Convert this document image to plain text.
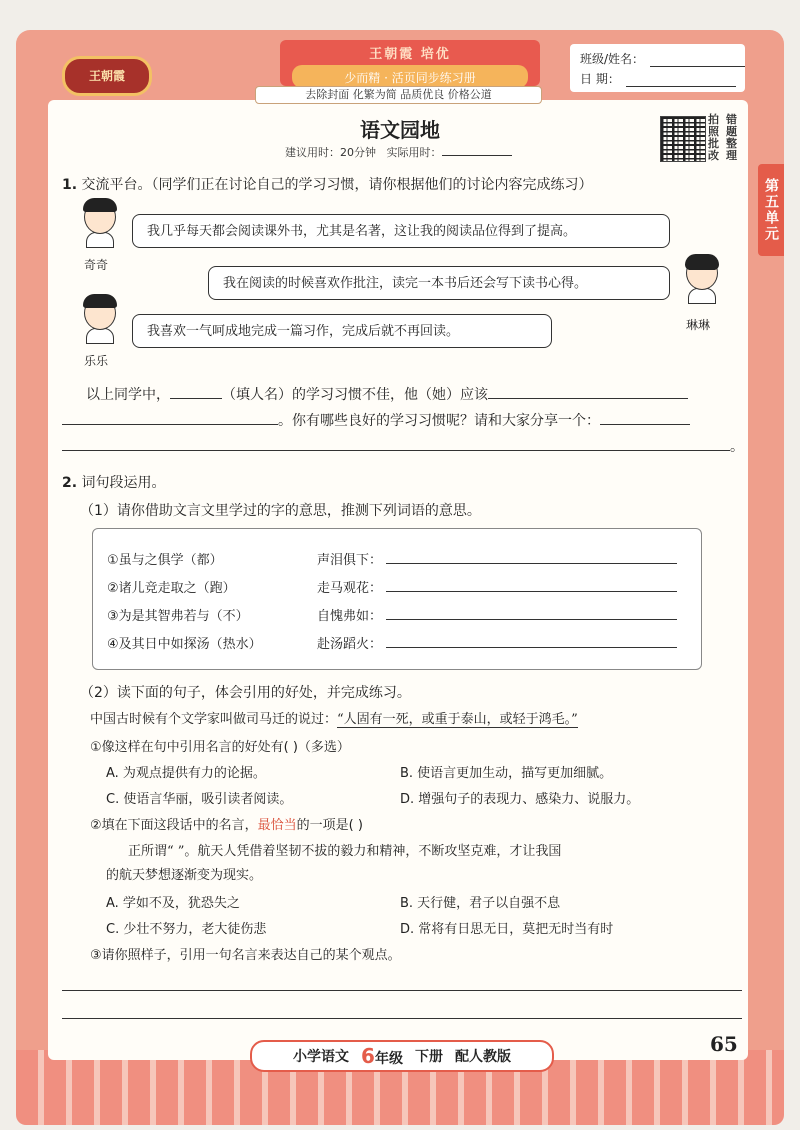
王朝霞
王朝霞 培优
少而精 · 活页同步练习册
去除封面 化繁为简 品质优良 价格公道
班级/姓名：
日 期：
第五单元
语文园地
建议用时：20分钟 实际用时：
拍 错
照 题
批 整
改 理
1. 交流平台。（同学们正在讨论自己的学习习惯，请你根据他们的讨论内容完成练习）
奇奇
我几乎每天都会阅读课外书，尤其是名著，这让我的阅读品位得到了提高。
我在阅读的时候喜欢作批注，读完一本书后还会写下读书心得。
琳琳
乐乐
我喜欢一气呵成地完成一篇习作，完成后就不再回读。
以上同学中，	（填人名）的学习习惯不佳，他（她）应该
。你有哪些良好的学习习惯呢？请和大家分享一个：
。
2. 词句段运用。
（1）请你借助文言文里学过的字的意思，推测下列词语的意思。
①虽与之俱学（都）	声泪俱下：
②诸儿竞走取之（跑）	走马观花：
③为是其智弗若与（不）	自愧弗如：
④及其日中如探汤（热水）	赴汤蹈火：
（2）读下面的句子，体会引用的好处，并完成练习。
中国古时候有个文学家叫做司马迁的说过：“人固有一死，或重于泰山，或轻于鸿毛。”
①像这样在句中引用名言的好处有( )（多选）
A. 为观点提供有力的论据。	B. 使语言更加生动，描写更加细腻。
C. 使语言华丽，吸引读者阅读。	D. 增强句子的表现力、感染力、说服力。
②填在下面这段话中的名言，最恰当的一项是( )
正所谓“ ”。航天人凭借着坚韧不拔的毅力和精神，不断攻坚克难，才让我国
的航天梦想逐渐变为现实。
A. 学如不及，犹恐失之	B. 天行健，君子以自强不息
C. 少壮不努力，老大徒伤悲	D. 常将有日思无日，莫把无时当有时
③请你照样子，引用一句名言来表达自己的某个观点。
小学语文 6年级 下册 配人教版
65
